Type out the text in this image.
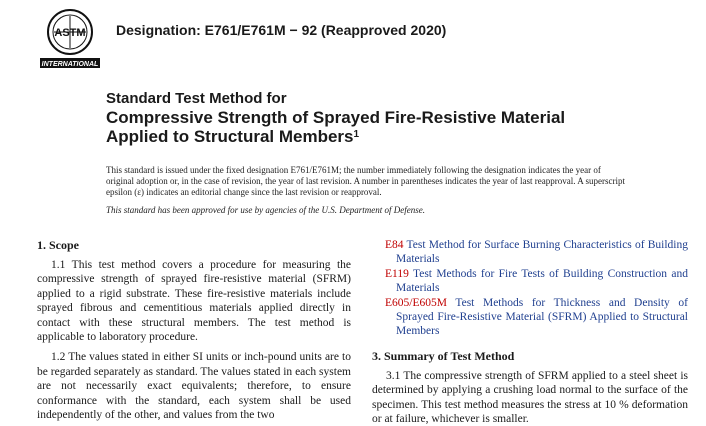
ASTM
INTERNATIONAL
Designation: E761/E761M − 92 (Reapproved 2020)
Standard Test Method for
Compressive Strength of Sprayed Fire-Resistive Material
Applied to Structural Members$^1$

This standard is issued under the fixed designation E761/E761M; the number immediately following the designation indicates the year of original adoption or, in the case of revision, the year of last revision. A number in parentheses indicates the year of last reapproval. A superscript epsilon (ε) indicates an editorial change since the last revision or reapproval.

This standard has been approved for use by agencies of the U.S. Department of Defense.

1. Scope

1.1 This test method covers a procedure for measuring the compressive strength of sprayed fire-resistive material (SFRM) applied to a rigid substrate. These fire-resistive materials include sprayed fibrous and cementitious materials applied directly in contact with these structural members. The test method is applicable to laboratory procedure.

1.2 The values stated in either SI units or inch-pound units are to be regarded separately as standard. The values stated in each system are not necessarily exact equivalents; therefore, to ensure conformance with the standard, each system shall be used independently of the other, and values from the two

E84 Test Method for Surface Burning Characteristics of Building Materials

E119 Test Methods for Fire Tests of Building Construction and Materials

E605/E605M Test Methods for Thickness and Density of Sprayed Fire-Resistive Material (SFRM) Applied to Structural Members

3. Summary of Test Method

3.1 The compressive strength of SFRM applied to a steel sheet is determined by applying a crushing load normal to the surface of the specimen. This test method measures the stress at 10 % deformation or at failure, whichever is smaller.
